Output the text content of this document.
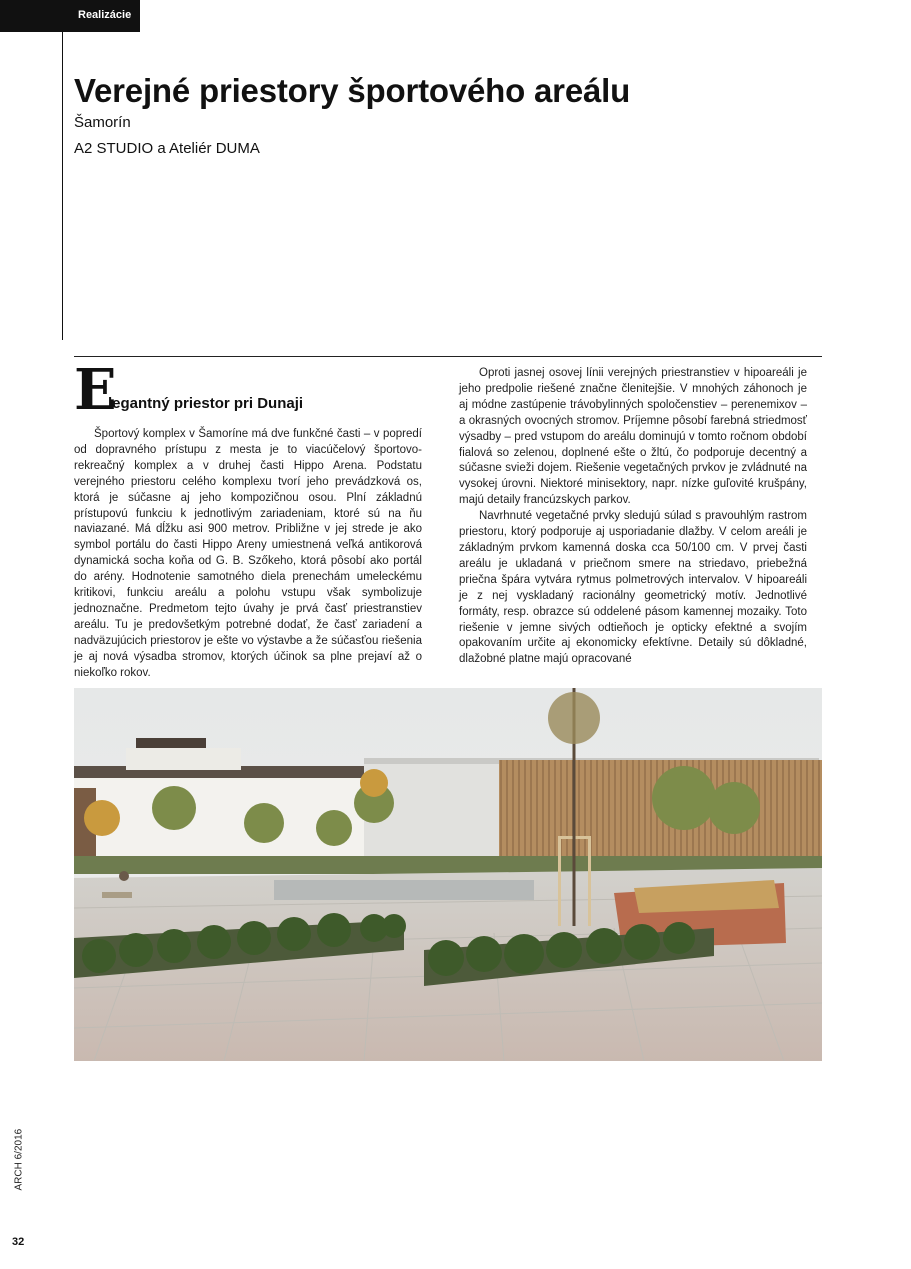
Realizácie
Verejné priestory športového areálu
Šamorín
A2 STUDIO a Ateliér DUMA
E
legantný priestor pri Dunaji

Športový komplex v Šamoríne má dve funkčné časti – v popredí od dopravného prístupu z mesta je to viacúčelový športovo-rekreačný komplex a v druhej časti Hippo Arena. Podstatu verejného priestoru celého komplexu tvorí jeho prevádzková os, ktorá je súčasne aj jeho kompozičnou osou. Plní základnú prístupovú funkciu k jednotlivým zariadeniam, ktoré sú na ňu naviazané. Má dĺžku asi 900 metrov. Približne v jej strede je ako symbol portálu do časti Hippo Areny umiestnená veľká antikorová dynamická socha koňa od G. B. Szőkeho, ktorá pôsobí ako portál do arény. Hodnotenie samotného diela prenechám umeleckému kritikovi, funkciu areálu a polohu vstupu však symbolizuje jednoznačne. Predmetom tejto úvahy je prvá časť priestranstiev areálu. Tu je predovšetkým potrebné dodať, že časť zariadení a nadväzujúcich priestorov je ešte vo výstavbe a že súčasťou riešenia je aj nová výsadba stromov, ktorých účinok sa plne prejaví až o niekoľko rokov.

Oproti jasnej osovej línii verejných priestranstiev v hipoareáli je jeho predpolie riešené značne členitejšie. V mnohých záhonoch je aj módne zastúpenie trávobylinných spoločenstiev – perenemixov – a okrasných ovocných stromov. Príjemne pôsobí farebná striedmosť výsadby – pred vstupom do areálu dominujú v tomto ročnom období fialová so zelenou, doplnené ešte o žltú, čo podporuje decentný a súčasne svieži dojem. Riešenie vegetačných prvkov je zvládnuté na vysokej úrovni. Niektoré minisektory, napr. nízke guľovité krušpány, majú detaily francúzskych parkov.

Navrhnuté vegetačné prvky sledujú súlad s pravouhlým rastrom priestoru, ktorý podporuje aj usporiadanie dlažby. V celom areáli je základným prvkom kamenná doska cca 50/100 cm. V prvej časti areálu je ukladaná v priečnom smere na striedavo, priebežná priečna špára vytvára rytmus polmetrových intervalov. V hipoareáli je z nej vyskladaný racionálny geometrický motív. Jednotlivé formáty, resp. obrazce sú oddelené pásom kamennej mozaiky. Toto riešenie v jemne sivých odtieňoch je opticky efektné a svojím opakovaním určite aj ekonomicky efektívne. Detaily sú dôkladné, dlažobné platne majú opracované

ARCH 6/2016
32
